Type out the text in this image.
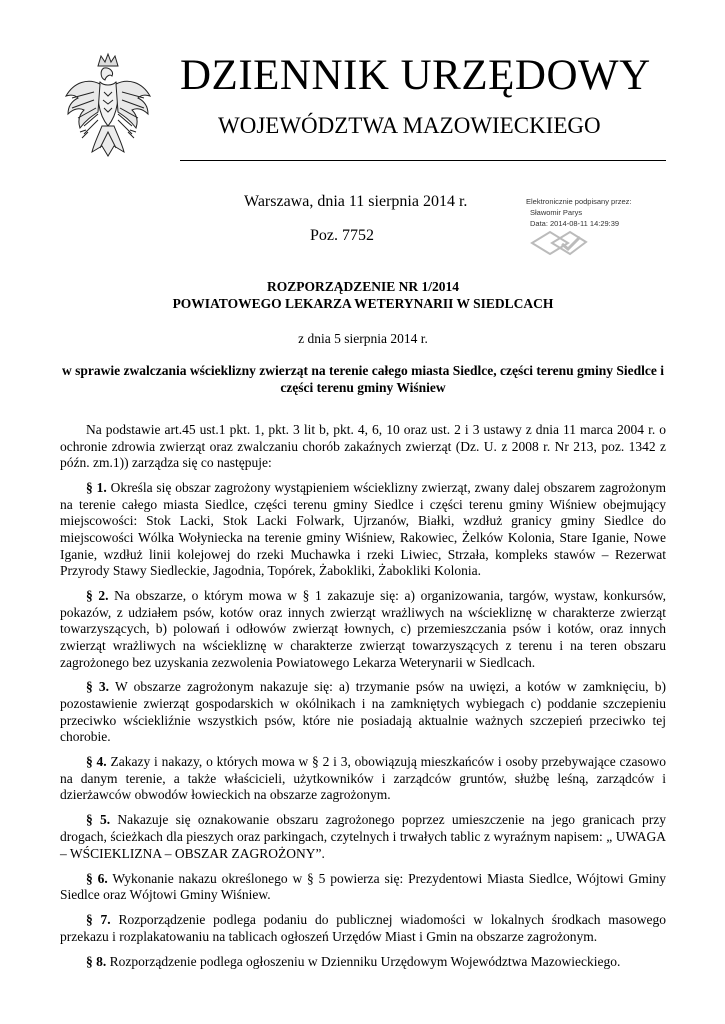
DZIENNIK URZĘDOWY
WOJEWÓDZTWA MAZOWIECKIEGO
Warszawa, dnia 11 sierpnia 2014 r.
Poz. 7752
Elektronicznie podpisany przez:
Sławomir Parys
Data: 2014-08-11 14:29:39
ROZPORZĄDZENIE NR 1/2014
POWIATOWEGO LEKARZA WETERYNARII W SIEDLCACH
z dnia 5 sierpnia 2014 r.
w sprawie zwalczania wścieklizny zwierząt na terenie całego miasta Siedlce, części terenu gminy Siedlce i części terenu gminy Wiśniew

Na podstawie art.45 ust.1 pkt. 1, pkt. 3 lit b, pkt. 4, 6, 10 oraz ust. 2 i 3 ustawy z dnia 11 marca 2004 r. o ochronie zdrowia zwierząt oraz zwalczaniu chorób zakaźnych zwierząt (Dz. U. z 2008 r. Nr 213, poz. 1342 z późn. zm.1)) zarządza się co następuje:

§ 1. Określa się obszar zagrożony wystąpieniem wścieklizny zwierząt, zwany dalej obszarem zagrożonym na terenie całego miasta Siedlce, części terenu gminy Siedlce i części terenu gminy Wiśniew obejmujący miejscowości: Stok Lacki, Stok Lacki Folwark, Ujrzanów, Białki, wzdłuż granicy gminy Siedlce do miejscowości Wólka Wołyniecka na terenie gminy Wiśniew, Rakowiec, Żelków Kolonia, Stare Iganie, Nowe Iganie, wzdłuż linii kolejowej do rzeki Muchawka i rzeki Liwiec, Strzała, kompleks stawów – Rezerwat Przyrody Stawy Siedleckie, Jagodnia, Topórek, Żabokliki, Żabokliki Kolonia.

§ 2. Na obszarze, o którym mowa w § 1 zakazuje się: a) organizowania, targów, wystaw, konkursów, pokazów, z udziałem psów, kotów oraz innych zwierząt wrażliwych na wściekliznę w charakterze zwierząt towarzyszących, b) polowań i odłowów zwierząt łownych, c) przemieszczania psów i kotów, oraz innych zwierząt wrażliwych na wściekliznę w charakterze zwierząt towarzyszących z terenu i na teren obszaru zagrożonego bez uzyskania zezwolenia Powiatowego Lekarza Weterynarii w Siedlcach.

§ 3. W obszarze zagrożonym nakazuje się: a) trzymanie psów na uwięzi, a kotów w zamknięciu, b) pozostawienie zwierząt gospodarskich w okólnikach i na zamkniętych wybiegach c) poddanie szczepieniu przeciwko wściekliźnie wszystkich psów, które nie posiadają aktualnie ważnych szczepień przeciwko tej chorobie.

§ 4. Zakazy i nakazy, o których mowa w § 2 i 3, obowiązują mieszkańców i osoby przebywające czasowo na danym terenie, a także właścicieli, użytkowników i zarządców gruntów, służbę leśną, zarządców i dzierżawców obwodów łowieckich na obszarze zagrożonym.

§ 5. Nakazuje się oznakowanie obszaru zagrożonego poprzez umieszczenie na jego granicach przy drogach, ścieżkach dla pieszych oraz parkingach, czytelnych i trwałych tablic z wyraźnym napisem: „ UWAGA – WŚCIEKLIZNA – OBSZAR ZAGROŻONY”.

§ 6. Wykonanie nakazu określonego w § 5 powierza się: Prezydentowi Miasta Siedlce, Wójtowi Gminy Siedlce oraz Wójtowi Gminy Wiśniew.

§ 7. Rozporządzenie podlega podaniu do publicznej wiadomości w lokalnych środkach masowego przekazu i rozplakatowaniu na tablicach ogłoszeń Urzędów Miast i Gmin na obszarze zagrożonym.

§ 8. Rozporządzenie podlega ogłoszeniu w Dzienniku Urzędowym Województwa Mazowieckiego.
